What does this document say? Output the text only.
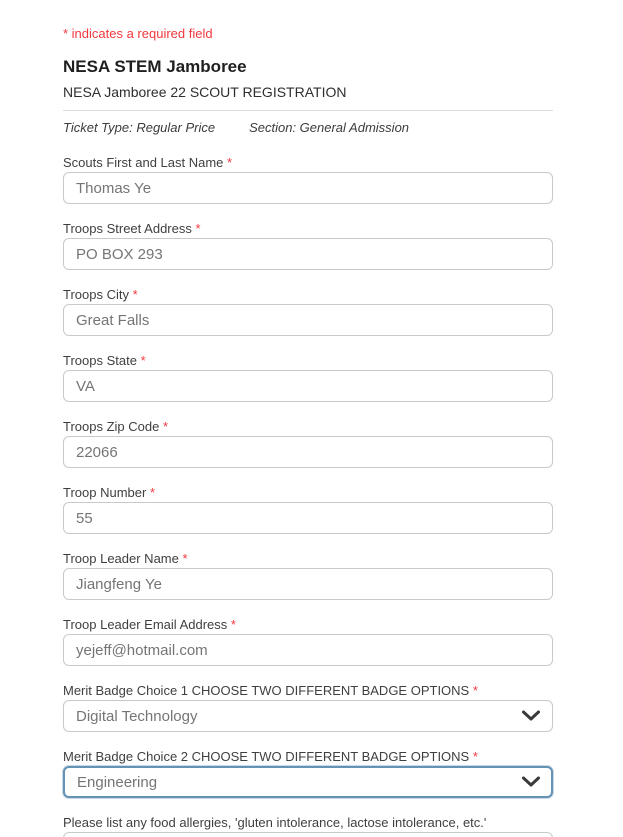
* indicates a required field
NESA STEM Jamboree
NESA Jamboree 22 SCOUT REGISTRATION
Ticket Type: Regular Price	Section: General Admission
Scouts First and Last Name *
Thomas Ye
Troops Street Address *
PO BOX 293
Troops City *
Great Falls
Troops State *
VA
Troops Zip Code *
22066
Troop Number *
55
Troop Leader Name *
Jiangfeng Ye
Troop Leader Email Address *
yejeff@hotmail.com
Merit Badge Choice 1 CHOOSE TWO DIFFERENT BADGE OPTIONS *
Digital Technology
Merit Badge Choice 2 CHOOSE TWO DIFFERENT BADGE OPTIONS *
Engineering
Please list any food allergies, 'gluten intolerance, lactose intolerance, etc.'
None
